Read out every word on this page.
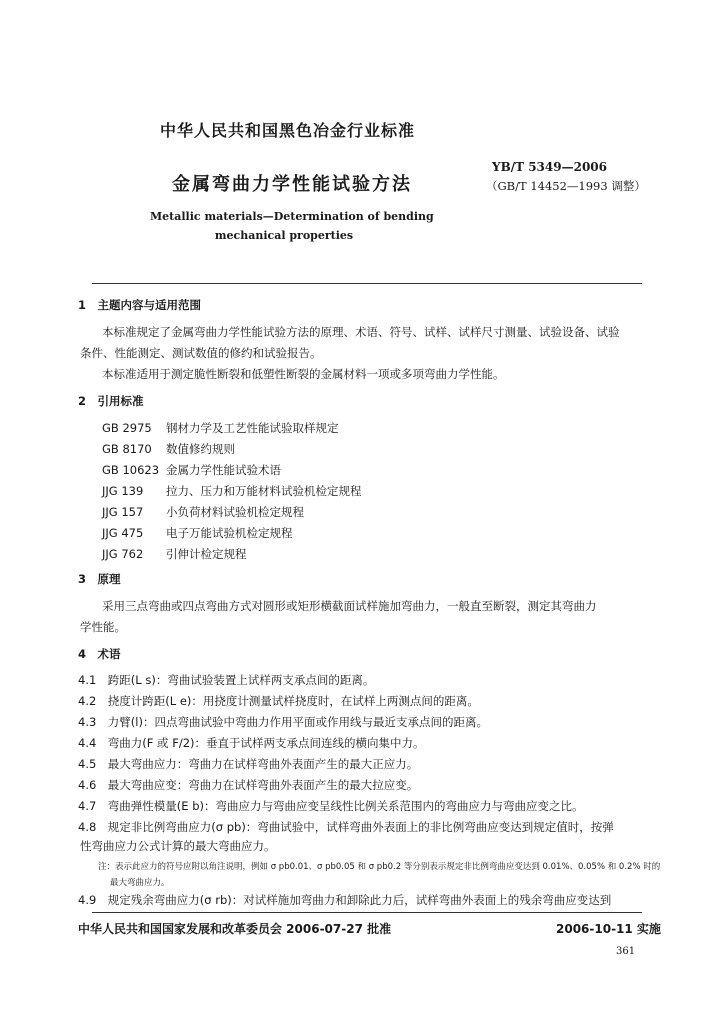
中华人民共和国黑色冶金行业标准
金属弯曲力学性能试验方法
YB/T 5349—2006
（GB/T 14452—1993 调整）
Metallic materials—Determination of bending
mechanical properties
1　主题内容与适用范围
本标准规定了金属弯曲力学性能试验方法的原理、术语、符号、试样、试样尺寸测量、试验设备、试验
条件、性能测定、测试数值的修约和试验报告。
本标准适用于测定脆性断裂和低塑性断裂的金属材料一项或多项弯曲力学性能。
2　引用标准
GB 2975 钢材力学及工艺性能试验取样规定
GB 8170 数值修约规则
GB 10623 金属力学性能试验术语
JJG 139 拉力、压力和万能材料试验机检定规程
JJG 157 小负荷材料试验机检定规程
JJG 475 电子万能试验机检定规程
JJG 762 引伸计检定规程
3　原理
采用三点弯曲或四点弯曲方式对圆形或矩形横截面试样施加弯曲力，一般直至断裂，测定其弯曲力
学性能。
4　术语
4.1　跨距(L s)：弯曲试验装置上试样两支承点间的距离。
4.2　挠度计跨距(L e)：用挠度计测量试样挠度时，在试样上两测点间的距离。
4.3　力臂(l)：四点弯曲试验中弯曲力作用平面或作用线与最近支承点间的距离。
4.4　弯曲力(F 或 F/2)：垂直于试样两支承点间连线的横向集中力。
4.5　最大弯曲应力：弯曲力在试样弯曲外表面产生的最大正应力。
4.6　最大弯曲应变：弯曲力在试样弯曲外表面产生的最大拉应变。
4.7　弯曲弹性模量(E b)：弯曲应力与弯曲应变呈线性比例关系范围内的弯曲应力与弯曲应变之比。
4.8　规定非比例弯曲应力(σ pb)：弯曲试验中，试样弯曲外表面上的非比例弯曲应变达到规定值时，按弹
性弯曲应力公式计算的最大弯曲应力。
注：表示此应力的符号应附以角注说明，例如 σ pb0.01、σ pb0.05 和 σ pb0.2 等分别表示规定非比例弯曲应变达到 0.01%、0.05% 和 0.2% 时的
最大弯曲应力。
4.9　规定残余弯曲应力(σ rb)：对试样施加弯曲力和卸除此力后，试样弯曲外表面上的残余弯曲应变达到
中华人民共和国国家发展和改革委员会 2006-07-27 批准	2006-10-11 实施
361
